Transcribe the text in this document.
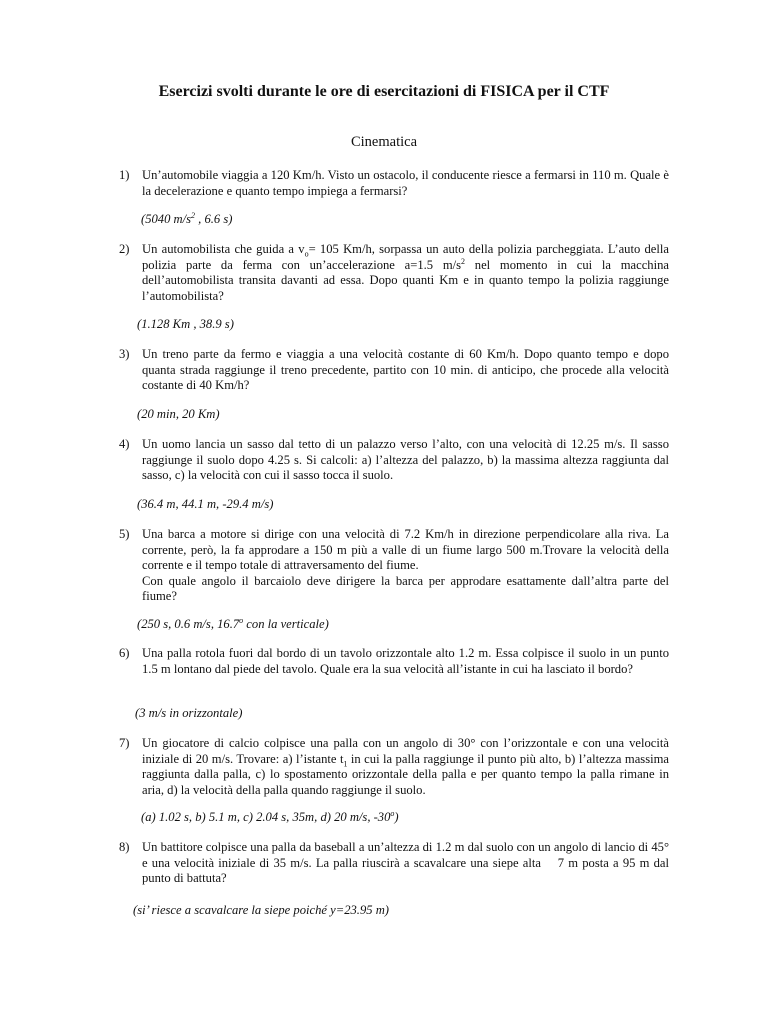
Esercizi svolti durante le ore di esercitazioni di FISICA per il CTF
Cinematica
1) Un’automobile viaggia a 120 Km/h. Visto un ostacolo, il conducente riesce a fermarsi in 110 m. Quale è la decelerazione e quanto tempo impiega a fermarsi?
(5040 $m/s^2$ , 6.6 s)
2) Un automobilista che guida a $v_o= 105$ Km/h, sorpassa un auto della polizia parcheggiata. L’auto della polizia parte da ferma con un’accelerazione a=1.5 $m/s^2$ nel momento in cui la macchina dell’automobilista transita davanti ad essa. Dopo quanti Km e in quanto tempo la polizia raggiunge l’automobilista?
(1.128 Km , 38.9 s)
3) Un treno parte da fermo e viaggia a una velocità costante di 60 Km/h. Dopo quanto tempo e dopo quanta strada raggiunge il treno precedente, partito con 10 min. di anticipo, che procede alla velocità costante di 40 Km/h?
(20 min, 20 Km)
4) Un uomo lancia un sasso dal tetto di un palazzo verso l’alto, con una velocità di 12.25 m/s. Il sasso raggiunge il suolo dopo 4.25 s. Si calcoli: a) l’altezza del palazzo, b) la massima altezza raggiunta dal sasso, c) la velocità con cui il sasso tocca il suolo.
(36.4 m, 44.1 m, -29.4 m/s)
5) Una barca a motore si dirige con una velocità di 7.2 Km/h in direzione perpendicolare alla riva. La corrente, però, la fa approdare a 150 m più a valle di un fiume largo 500 m.Trovare la velocità della corrente e il tempo totale di attraversamento del fiume.
Con quale angolo il barcaiolo deve dirigere la barca per approdare esattamente dall’altra parte del fiume?
(250 s, 0.6 m/s, 16.7$^o$ con la verticale)
6) Una palla rotola fuori dal bordo di un tavolo orizzontale alto 1.2 m. Essa colpisce il suolo in un punto 1.5 m lontano dal piede del tavolo. Quale era la sua velocità all’istante in cui ha lasciato il bordo?
(3 m/s in orizzontale)
7) Un giocatore di calcio colpisce una palla con un angolo di 30° con l’orizzontale e con una velocità iniziale di 20 m/s. Trovare: a) l’istante $t_1$ in cui la palla raggiunge il punto più alto, b) l’altezza massima raggiunta dalla palla, c) lo spostamento orizzontale della palla e per quanto tempo la palla rimane in aria, d) la velocità della palla quando raggiunge il suolo.
(a) 1.02 s, b) 5.1 m, c) 2.04 s, 35m, d) 20 m/s, -30$^o$)
8) Un battitore colpisce una palla da baseball a un’altezza di 1.2 m dal suolo con un angolo di lancio di 45° e una velocità iniziale di 35 m/s. La palla riuscirà a scavalcare una siepe alta    7 m posta a 95 m dal punto di battuta?
(si’ riesce a scavalcare la siepe poiché y=23.95 m)
